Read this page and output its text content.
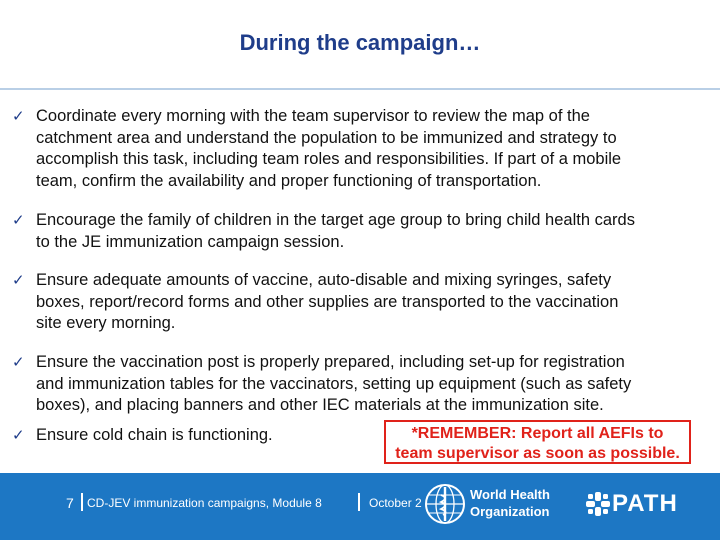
During the campaign…
✓ Coordinate every morning with the team supervisor to review the map of the
catchment area and understand the population to be immunized and strategy to
accomplish this task, including team roles and responsibilities. If part of a mobile
team, confirm the availability and proper functioning of transportation.
✓ Encourage the family of children in the target age group to bring child health cards
to the JE immunization campaign session.
✓ Ensure adequate amounts of vaccine, auto-disable and mixing syringes, safety
boxes, report/record forms and other supplies are transported to the vaccination
site every morning.
✓ Ensure the vaccination post is properly prepared, including set-up for registration
and immunization tables for the vaccinators, setting up equipment (such as safety
boxes), and placing banners and other IEC materials at the immunization site.
✓ Ensure cold chain is functioning.	*REMEMBER: Report all AEFIs to
team supervisor as soon as possible.
7 CD-JEV immunization campaigns, Module 8	October 2
World Health
Organization	PATH
